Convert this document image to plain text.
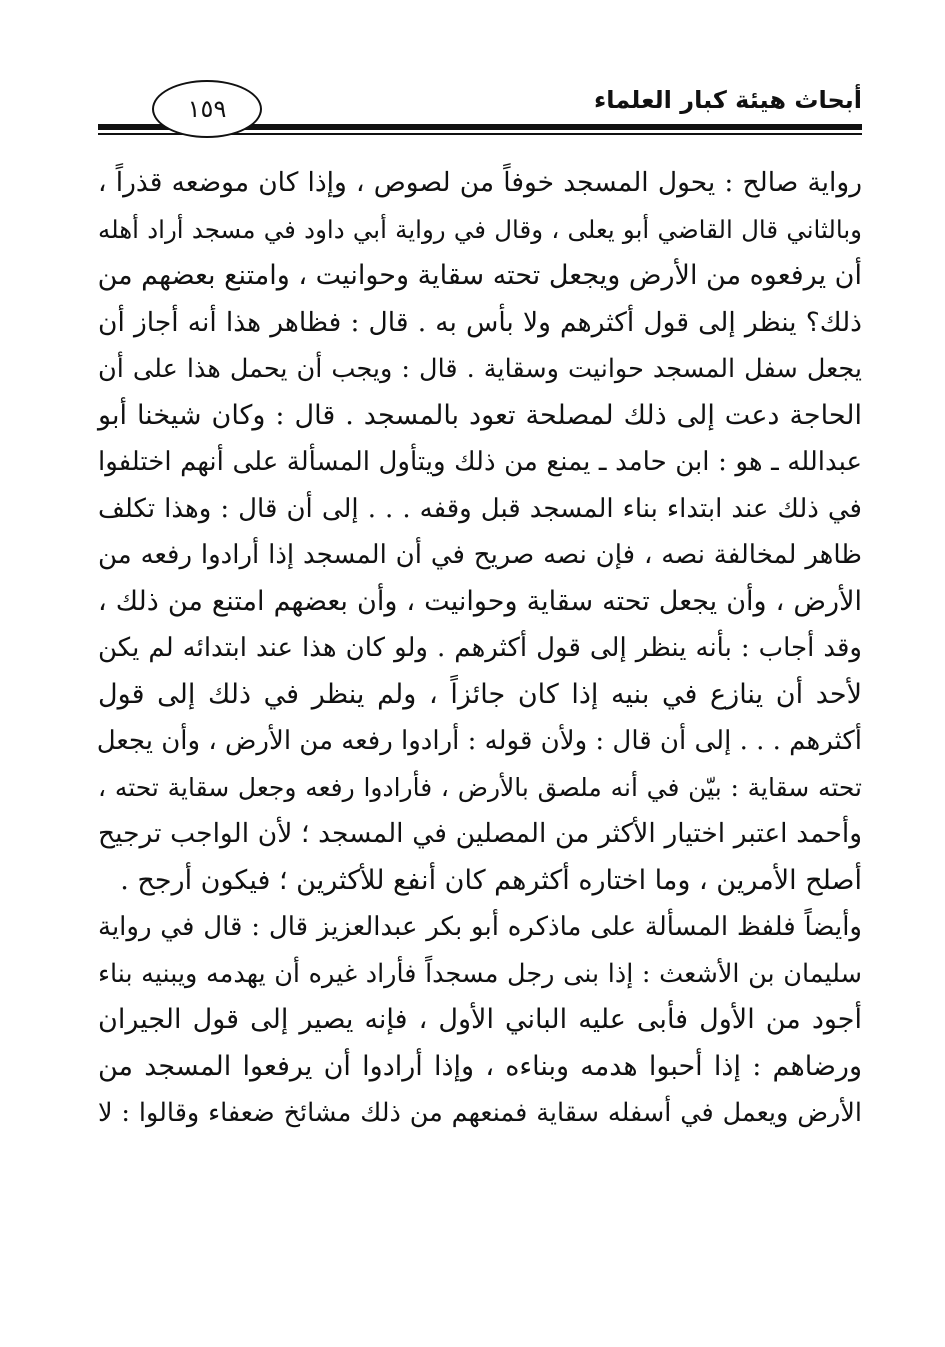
أبحاث هيئة كبار العلماء
١٥٩
رواية صالح : يحول المسجد خوفاً من لصوص ، وإذا كان موضعه قذراً ،
وبالثاني قال القاضي أبو يعلى ، وقال في رواية أبي داود في مسجد أراد أهله
أن يرفعوه من الأرض ويجعل تحته سقاية وحوانيت ، وامتنع بعضهم من
ذلك؟ ينظر إلى قول أكثرهم ولا بأس به . قال : فظاهر هذا أنه أجاز أن
يجعل سفل المسجد حوانيت وسقاية . قال : ويجب أن يحمل هذا على أن
الحاجة دعت إلى ذلك لمصلحة تعود بالمسجد . قال : وكان شيخنا أبو
عبدالله ـ هو : ابن حامد ـ يمنع من ذلك ويتأول المسألة على أنهم اختلفوا
في ذلك عند ابتداء بناء المسجد قبل وقفه . . . إلى أن قال : وهذا تكلف
ظاهر لمخالفة نصه ، فإن نصه صريح في أن المسجد إذا أرادوا رفعه من
الأرض ، وأن يجعل تحته سقاية وحوانيت ، وأن بعضهم امتنع من ذلك ،
وقد أجاب : بأنه ينظر إلى قول أكثرهم . ولو كان هذا عند ابتدائه لم يكن
لأحد أن ينازع في بنيه إذا كان جائزاً ، ولم ينظر في ذلك إلى قول
أكثرهم . . . إلى أن قال : ولأن قوله : أرادوا رفعه من الأرض ، وأن يجعل
تحته سقاية : بيّن في أنه ملصق بالأرض ، فأرادوا رفعه وجعل سقاية تحته ،
وأحمد اعتبر اختيار الأكثر من المصلين في المسجد ؛ لأن الواجب ترجيح
أصلح الأمرين ، وما اختاره أكثرهم كان أنفع للأكثرين ؛ فيكون أرجح .
وأيضاً فلفظ المسألة على ماذكره أبو بكر عبدالعزيز قال : قال في رواية
سليمان بن الأشعث : إذا بنى رجل مسجداً فأراد غيره أن يهدمه ويبنيه بناء
أجود من الأول فأبى عليه الباني الأول ، فإنه يصير إلى قول الجيران
ورضاهم : إذا أحبوا هدمه وبناءه ، وإذا أرادوا أن يرفعوا المسجد من
الأرض ويعمل في أسفله سقاية فمنعهم من ذلك مشائخ ضعفاء وقالوا : لا
